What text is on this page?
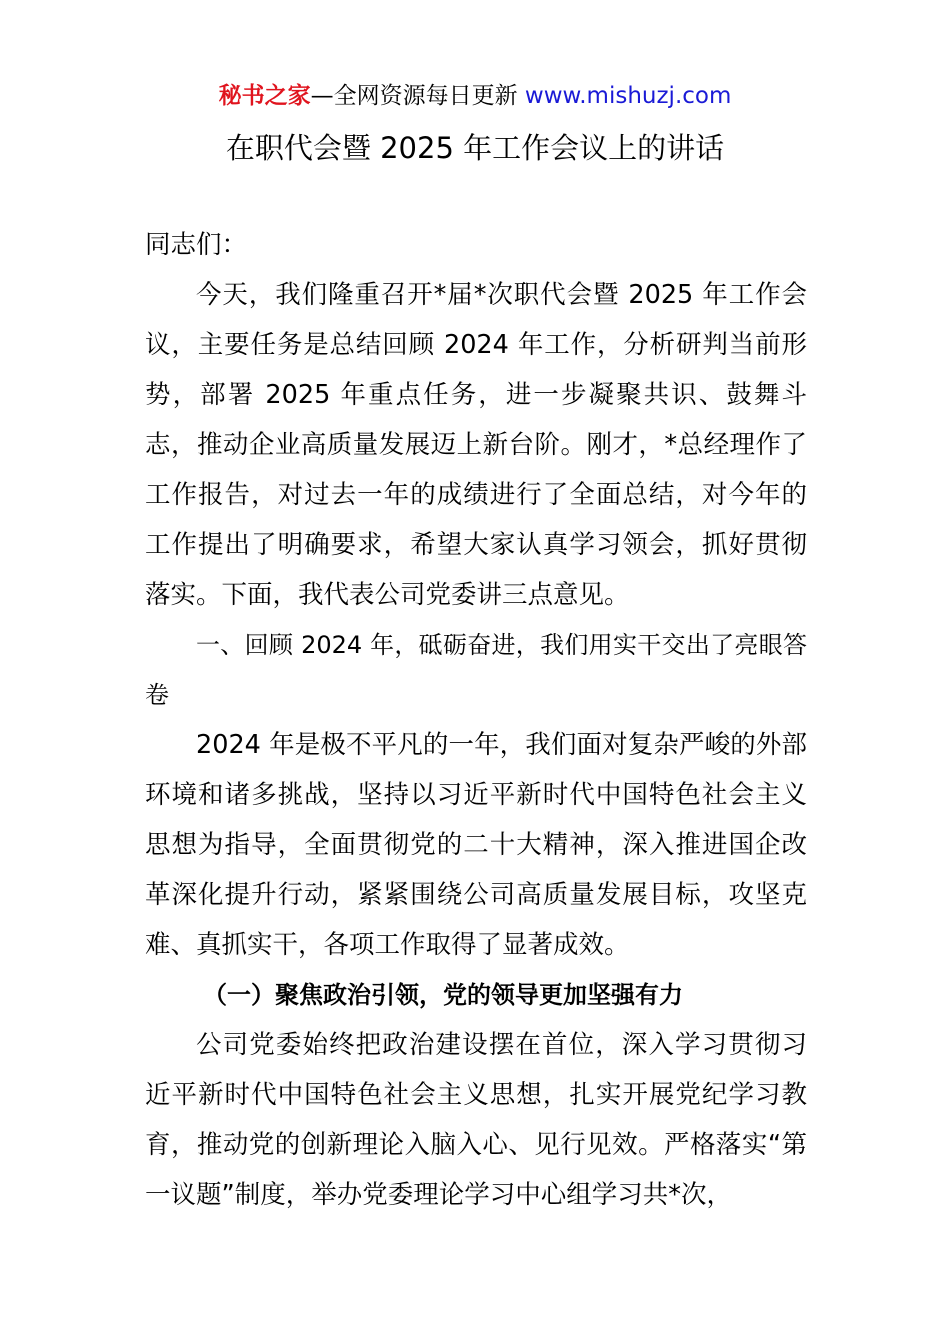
秘书之家—全网资源每日更新 www.mishuzj.com
在职代会暨 2025 年工作会议上的讲话

同志们：

今天，我们隆重召开*届*次职代会暨 2025 年工作会议，主要任务是总结回顾 2024 年工作，分析研判当前形势，部署 2025 年重点任务，进一步凝聚共识、鼓舞斗志，推动企业高质量发展迈上新台阶。刚才，*总经理作了工作报告，对过去一年的成绩进行了全面总结，对今年的工作提出了明确要求，希望大家认真学习领会，抓好贯彻落实。下面，我代表公司党委讲三点意见。

一、回顾 2024 年，砥砺奋进，我们用实干交出了亮眼答卷

2024 年是极不平凡的一年，我们面对复杂严峻的外部环境和诸多挑战，坚持以习近平新时代中国特色社会主义思想为指导，全面贯彻党的二十大精神，深入推进国企改革深化提升行动，紧紧围绕公司高质量发展目标，攻坚克难、真抓实干，各项工作取得了显著成效。

（一）聚焦政治引领，党的领导更加坚强有力

公司党委始终把政治建设摆在首位，深入学习贯彻习近平新时代中国特色社会主义思想，扎实开展党纪学习教育，推动党的创新理论入脑入心、见行见效。严格落实“第一议题”制度，举办党委理论学习中心组学习共*次，
